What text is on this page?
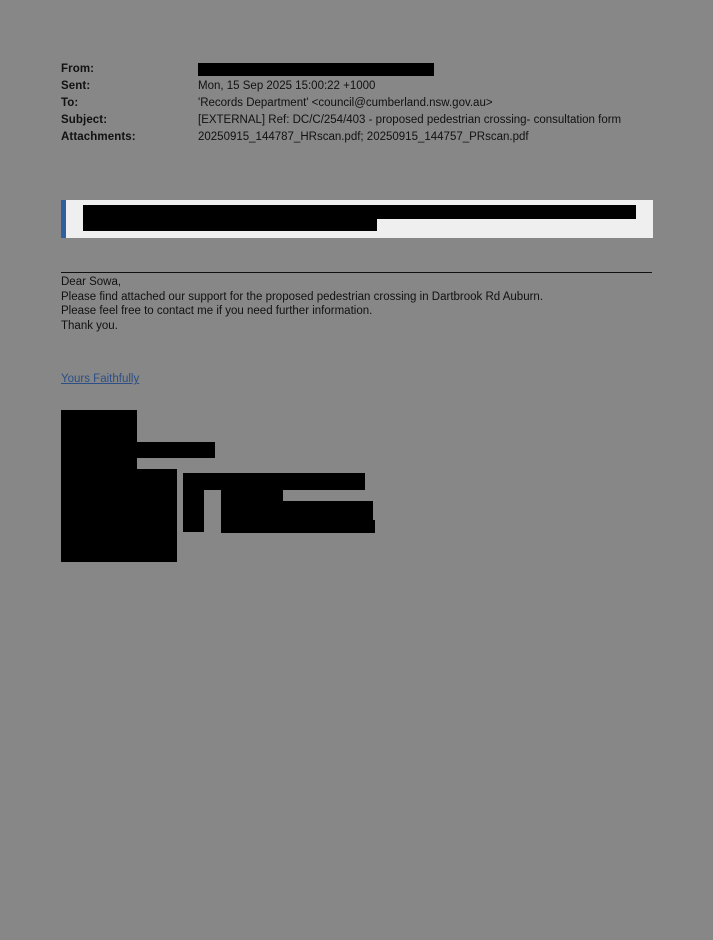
From:
Sent:	Mon, 15 Sep 2025 15:00:22 +1000
To:	'Records Department' <council@cumberland.nsw.gov.au>
Subject:	[EXTERNAL] Ref: DC/C/254/403 - proposed pedestrian crossing- consultation form
Attachments:	20250915_144787_HRscan.pdf; 20250915_144757_PRscan.pdf

Dear Sowa,

Please find attached our support for the proposed pedestrian crossing in Dartbrook Rd Auburn.

Please feel free to contact me if you need further information.

Thank you.

Yours Faithfully
